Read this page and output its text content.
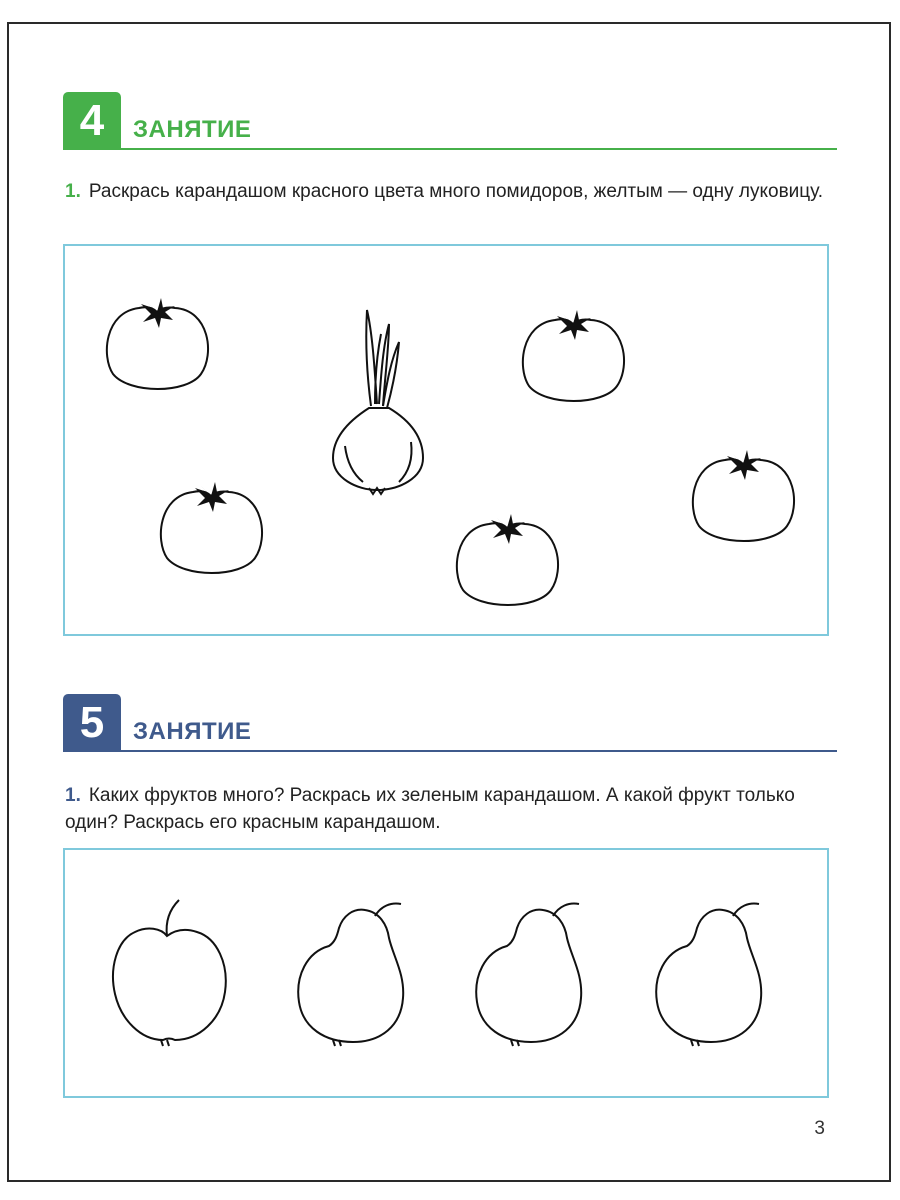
4	ЗАНЯТИЕ
1. Раскрась карандашом красного цвета много помидоров, желтым — одну луковицу.
5	ЗАНЯТИЕ
1. Каких фруктов много? Раскрась их зеленым карандашом. А какой фрукт только один? Раскрась его красным карандашом.
3
